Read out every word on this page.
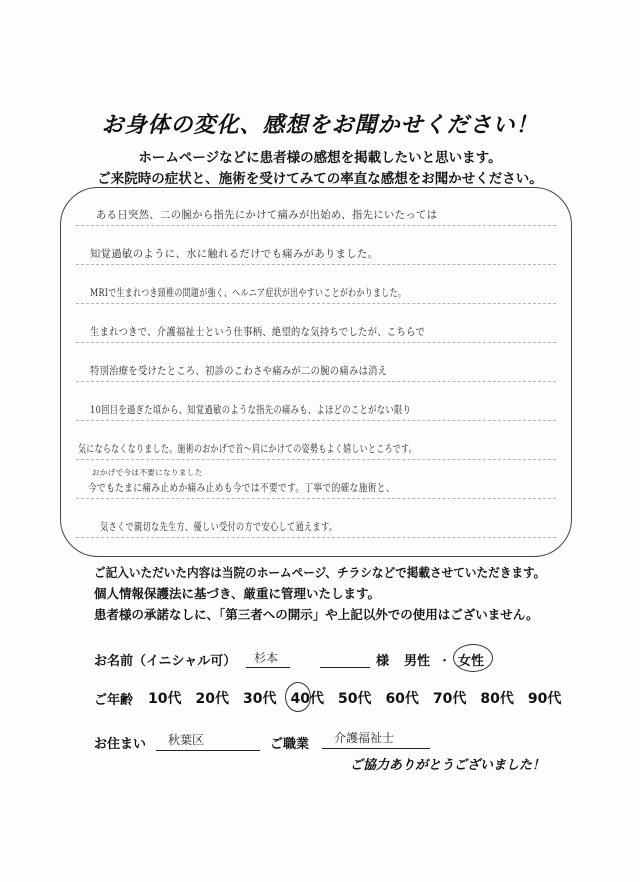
お身体の変化、感想をお聞かせください！
ホームページなどに患者様の感想を掲載したいと思います。
ご来院時の症状と、施術を受けてみての率直な感想をお聞かせください。
ある日突然、二の腕から指先にかけて痛みが出始め、指先にいたっては
知覚過敏のように、水に触れるだけでも痛みがありました。
MRIで生まれつき頸椎の問題が強く、ヘルニア症状が出やすいことがわかりました。
生まれつきで、介護福祉士という仕事柄、絶望的な気持ちでしたが、こちらで
特別治療を受けたところ、初診のこわさや痛みが二の腕の痛みは消え
10回目を過ぎた頃から、知覚過敏のような指先の痛みも、よほどのことがない限り
気にならなくなりました。施術のおかげで首～肩にかけての姿勢もよく嬉しいところです。
おかげで今は不要になりました
今でもたまに痛み止めか痛み止めも今では不要です。丁寧で的確な施術と、
気さくで親切な先生方、優しい受付の方で安心して通えます。
ご記入いただいた内容は当院のホームページ、チラシなどで掲載させていただきます。
個人情報保護法に基づき、厳重に管理いたします。
患者様の承諾なしに、「第三者への開示」や上記以外での使用はございません。
お名前（イニシャル可） 杉本	様 男性 ・ 女性
ご年齢 10代 20代 30代 40代 50代 60代 70代 80代 90代
お住まい 秋葉区	ご職業 介護福祉士
ご協力ありがとうございました！
